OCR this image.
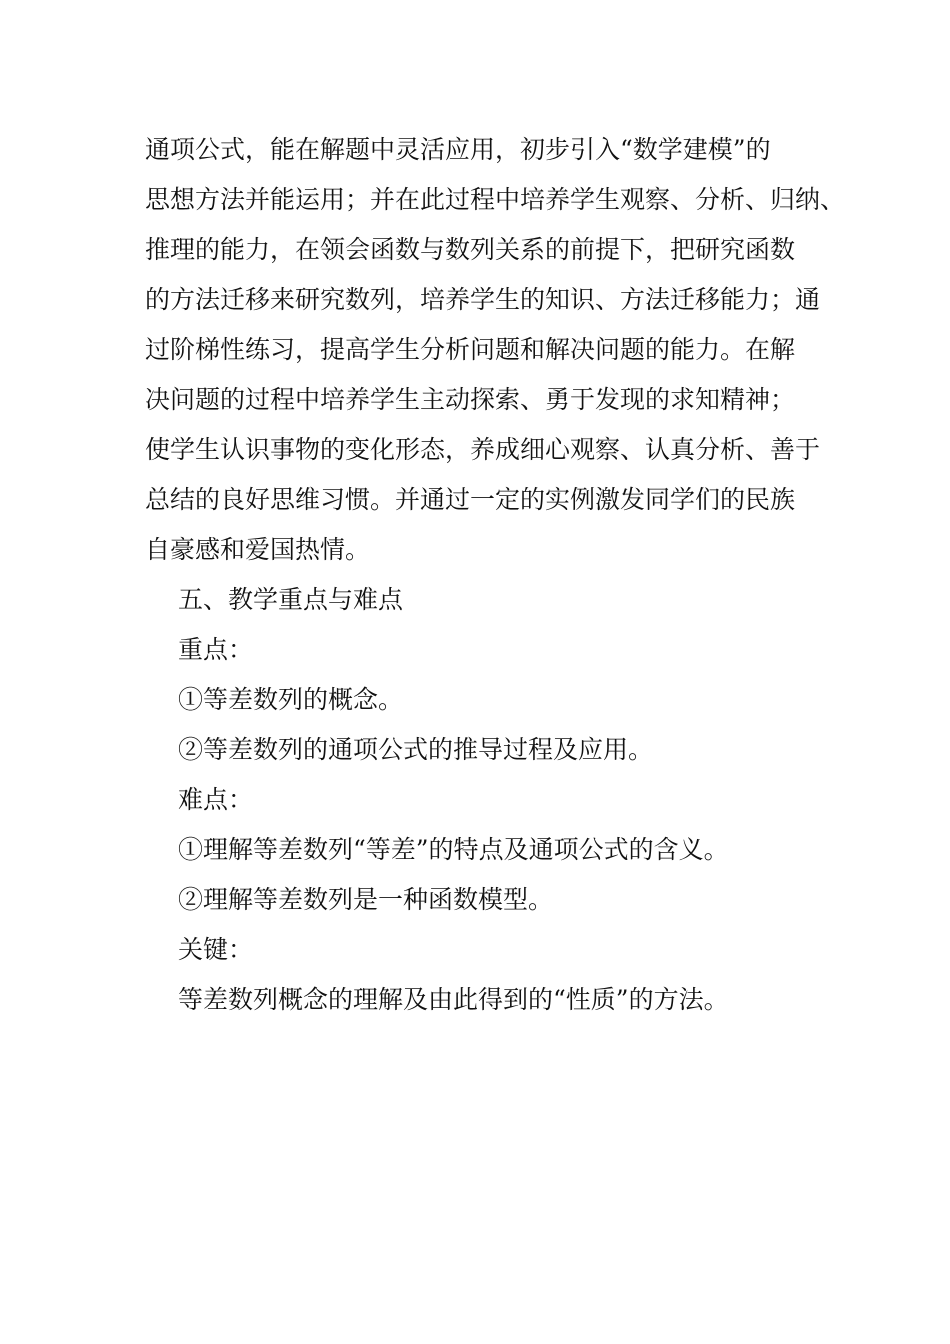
通项公式，能在解题中灵活应用，初步引入“数学建模”的
思想方法并能运用；并在此过程中培养学生观察、分析、归纳、
推理的能力，在领会函数与数列关系的前提下，把研究函数
的方法迁移来研究数列，培养学生的知识、方法迁移能力；通
过阶梯性练习，提高学生分析问题和解决问题的能力。在解
决问题的过程中培养学生主动探索、勇于发现的求知精神；
使学生认识事物的变化形态，养成细心观察、认真分析、善于
总结的良好思维习惯。并通过一定的实例激发同学们的民族
自豪感和爱国热情。
五、教学重点与难点
重点：
①等差数列的概念。
②等差数列的通项公式的推导过程及应用。
难点：
①理解等差数列“等差”的特点及通项公式的含义。
②理解等差数列是一种函数模型。
关键：
等差数列概念的理解及由此得到的“性质”的方法。
